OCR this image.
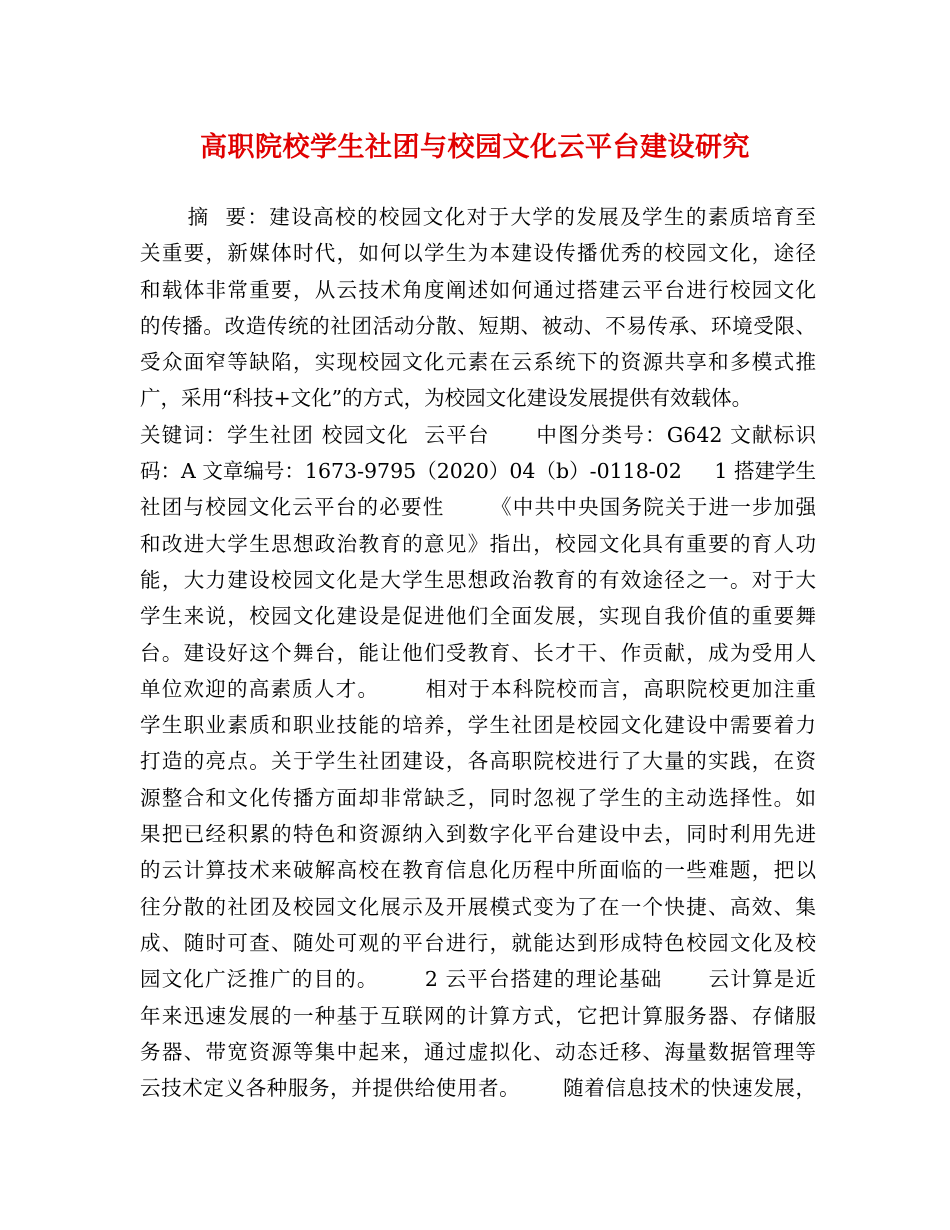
高职院校学生社团与校园文化云平台建设研究
摘  要：建设高校的校园文化对于大学的发展及学生的素质培育至
关重要，新媒体时代，如何以学生为本建设传播优秀的校园文化，途径
和载体非常重要，从云技术角度阐述如何通过搭建云平台进行校园文化
的传播。改造传统的社团活动分散、短期、被动、不易传承、环境受限、
受众面窄等缺陷，实现校园文化元素在云系统下的资源共享和多模式推
广，采用“科技+文化”的方式，为校园文化建设发展提供有效载体。
关键词：学生社团 校园文化  云平台      中图分类号：G642 文献标识
码：A 文章编号：1673-9795（2020）04（b）-0118-02     1 搭建学生
社团与校园文化云平台的必要性      《中共中央国务院关于进一步加强
和改进大学生思想政治教育的意见》指出，校园文化具有重要的育人功
能，大力建设校园文化是大学生思想政治教育的有效途径之一。对于大
学生来说，校园文化建设是促进他们全面发展，实现自我价值的重要舞
台。建设好这个舞台，能让他们受教育、长才干、作贡献，成为受用人
单位欢迎的高素质人才。      相对于本科院校而言，高职院校更加注重
学生职业素质和职业技能的培养，学生社团是校园文化建设中需要着力
打造的亮点。关于学生社团建设，各高职院校进行了大量的实践，在资
源整合和文化传播方面却非常缺乏，同时忽视了学生的主动选择性。如
果把已经积累的特色和资源纳入到数字化平台建设中去，同时利用先进
的云计算技术来破解高校在教育信息化历程中所面临的一些难题，把以
往分散的社团及校园文化展示及开展模式变为了在一个快捷、高效、集
成、随时可查、随处可观的平台进行，就能达到形成特色校园文化及校
园文化广泛推广的目的。      2 云平台搭建的理论基础      云计算是近
年来迅速发展的一种基于互联网的计算方式，它把计算服务器、存储服
务器、带宽资源等集中起来，通过虚拟化、动态迁移、海量数据管理等
云技术定义各种服务，并提供给使用者。      随着信息技术的快速发展，
